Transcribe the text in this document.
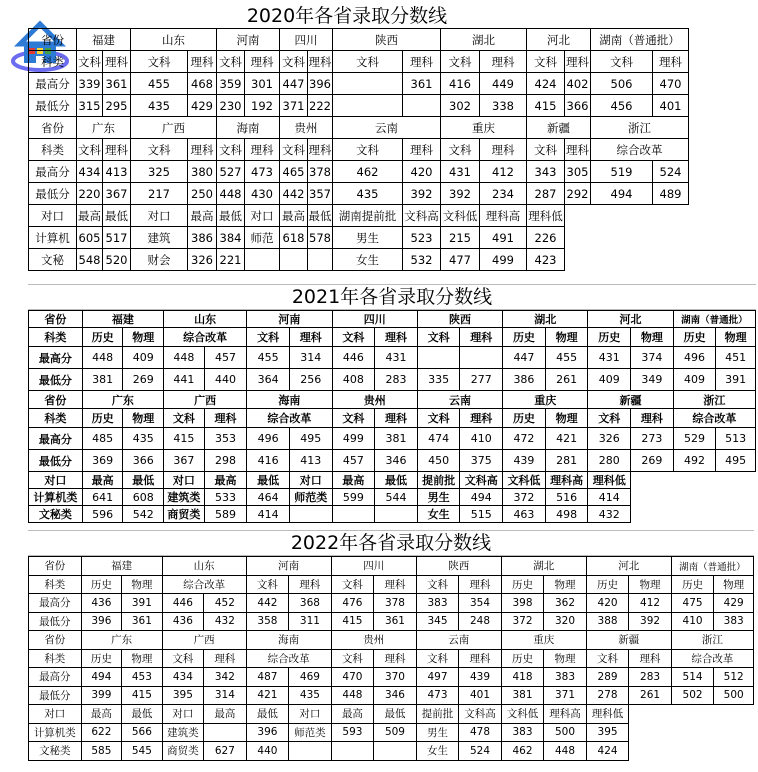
2020年各省录取分数线
省份	福建		山东		河南		四川		陕西		湖北		河北		湖南（普通批）	
科类	文科	理科	文科	理科	文科	理科	文科	理科	文科	理科	文科	理科	文科	理科	文科	理科
最高分	339	361	455	468	359	301	447	396		361	416	449	424	402	506	470
最低分	315	295	435	429	230	192	371	222			302	338	415	366	456	401
省份	广东		广西		海南		贵州		云南		重庆		新疆		浙江	
科类	文科	理科	文科	理科	文科	理科	文科	理科	文科	理科	文科	理科	文科	理科	综合改革	
最高分	434	413	325	380	527	473	465	378	462	420	431	412	343	305	519	524
最低分	220	367	217	250	448	430	442	357	435	392	392	234	287	292	494	489
对口	最高	最低	对口	最高	最低	对口	最高	最低	湖南提前批	文科高	文科低	理科高	理科低			
计算机	605	517	建筑	386	384	师范	618	578	男生	523	215	491	226			
文秘	548	520	财会	326	221				女生	532	477	499	423			
2021年各省录取分数线
省份	福建		山东		河南		四川		陕西		湖北		河北		湖南（普通批）	
科类	历史	物理	综合改革		文科	理科	文科	理科	文科	理科	历史	物理	历史	物理	历史	物理
最高分	448	409	448	457	455	314	446	431			447	455	431	374	496	451
最低分	381	269	441	440	364	256	408	283	335	277	386	261	409	349	409	391
省份	广东		广西		海南		贵州		云南		重庆		新疆		浙江	
科类	历史	物理	文科	理科	综合改革		文科	理科	文科	理科	历史	物理	文科	理科	综合改革	
最高分	485	435	415	353	496	495	499	381	474	410	472	421	326	273	529	513
最低分	369	366	367	298	416	413	457	346	450	375	439	281	280	269	492	495
对口	最高	最低	对口	最高	最低	对口	最高	最低	提前批	文科高	文科低	理科高	理科低			
计算机类	641	608	建筑类	533	464	师范类	599	544	男生	494	372	516	414			
文秘类	596	542	商贸类	589	414				女生	515	463	498	432			
2022年各省录取分数线
省份	福建		山东		河南		四川		陕西		湖北		河北		湖南（普通批）	
科类	历史	物理	综合改革		文科	理科	文科	理科	文科	理科	历史	物理	历史	物理	历史	物理
最高分	436	391	446	452	442	368	476	378	383	354	398	362	420	412	475	429
最低分	396	361	436	432	358	311	415	361	345	248	372	320	388	392	410	383
省份	广东		广西		海南		贵州		云南		重庆		新疆		浙江	
科类	历史	物理	文科	理科	综合改革		文科	理科	文科	理科	历史	物理	文科	理科	综合改革	
最高分	494	453	434	342	487	469	470	370	497	439	418	383	289	283	514	512
最低分	399	415	395	314	421	435	448	346	473	401	381	371	278	261	502	500
对口	最高	最低	对口	最高	最低	对口	最高	最低	提前批	文科高	文科低	理科高	理科低			
计算机类	622	566	建筑类		396	师范类	593	509	男生	478	383	500	395			
文秘类	585	545	商贸类	627	440				女生	524	462	448	424			
